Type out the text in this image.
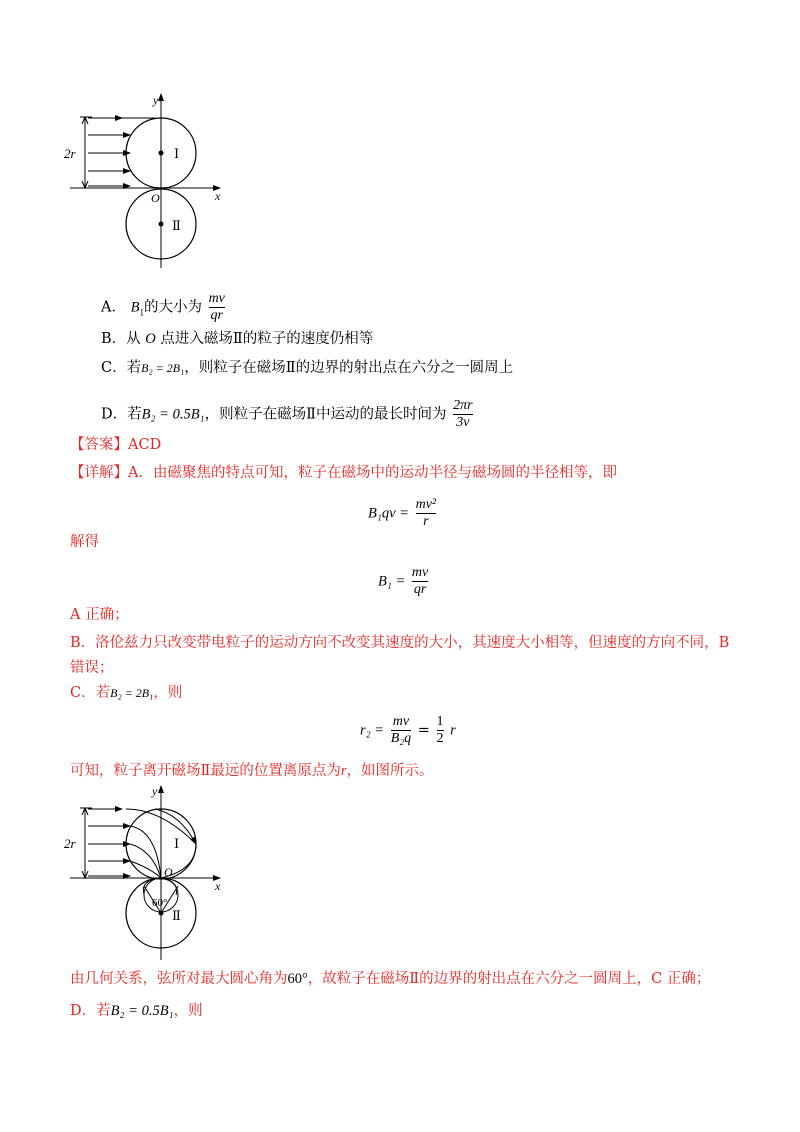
y
x
O
2r	Ⅰ
Ⅱ
A． $B_1$的大小为 $\frac{mv}{qr}$
B．从 O 点进入磁场Ⅱ的粒子的速度仍相等
C．若B₂ = 2B₁，则粒子在磁场Ⅱ的边界的射出点在六分之一圆周上
D．若B₂ = 0.5B₁，则粒子在磁场Ⅱ中运动的最长时间为 $\frac{2\pi r}{3v}$
【答案】ACD
【详解】A．由磁聚焦的特点可知，粒子在磁场中的运动半径与磁场圆的半径相等，即
$B_1qv = \frac{\text{mv²}}{r}$
解得
$B_1 = \frac{mv}{qr}$
A 正确；
B．洛伦兹力只改变带电粒子的运动方向不改变其速度的大小，其速度大小相等，但速度的方向不同，B
错误；
C．若B₂ = 2B₁，则
$r_2 = \frac{mv}{\text{B₂q}} = \frac{1}{2}$ r
可知，粒子离开磁场Ⅱ最远的位置离原点为r，如图所示。
y
x
O
2r	Ⅰ
Ⅱ
60°
由几何关系，弦所对最大圆心角为60°，故粒子在磁场Ⅱ的边界的射出点在六分之一圆周上，C 正确；
D．若B₂ = 0.5B₁，则
